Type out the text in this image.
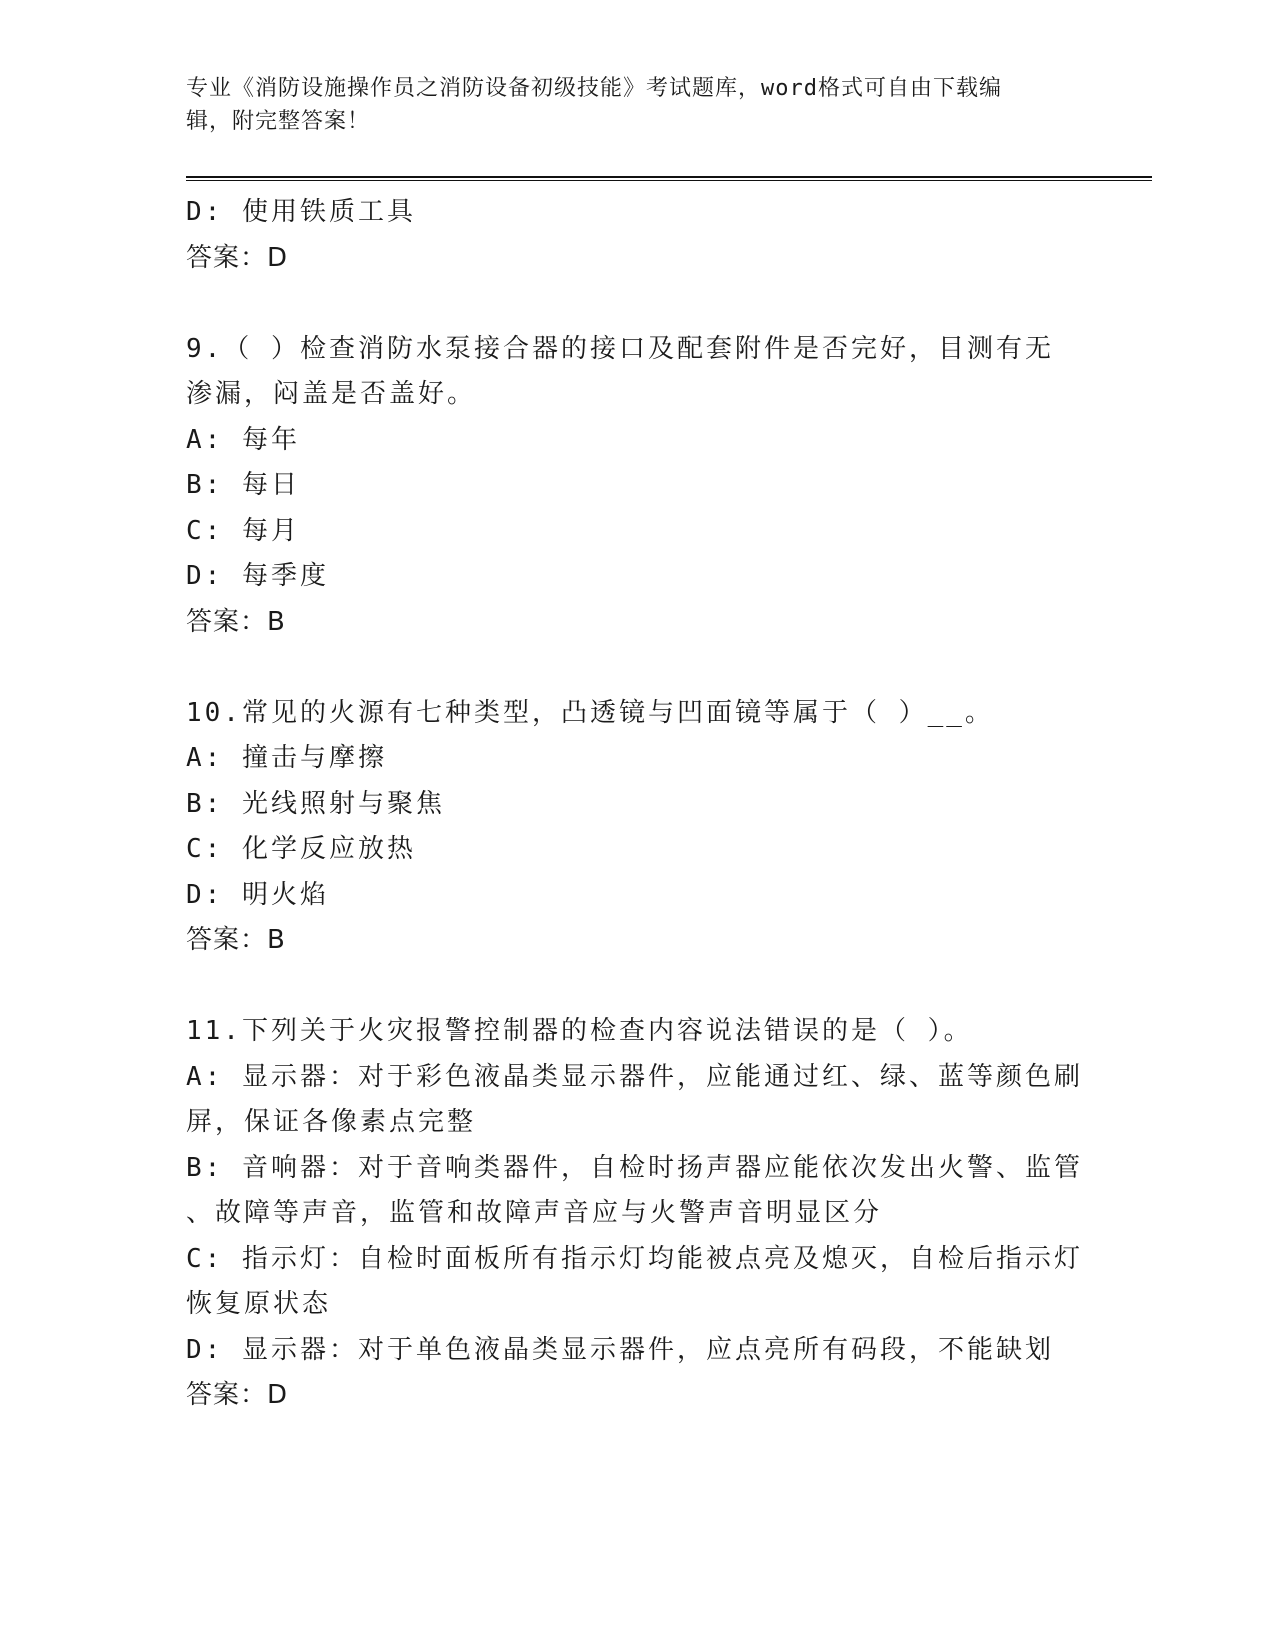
专业《消防设施操作员之消防设备初级技能》考试题库，word格式可自由下载编
辑，附完整答案！
D: 使用铁质工具
答案：D
9.（ ）检查消防水泵接合器的接口及配套附件是否完好，目测有无
渗漏，闷盖是否盖好。
A: 每年
B: 每日
C: 每月
D: 每季度
答案：B
10.常见的火源有七种类型，凸透镜与凹面镜等属于（ ）__。
A: 撞击与摩擦
B: 光线照射与聚焦
C: 化学反应放热
D: 明火焰
答案：B
11.下列关于火灾报警控制器的检查内容说法错误的是（ ）。
A: 显示器：对于彩色液晶类显示器件，应能通过红、绿、蓝等颜色刷
屏，保证各像素点完整
B: 音响器：对于音响类器件，自检时扬声器应能依次发出火警、监管
、故障等声音，监管和故障声音应与火警声音明显区分
C: 指示灯：自检时面板所有指示灯均能被点亮及熄灭，自检后指示灯
恢复原状态
D: 显示器：对于单色液晶类显示器件，应点亮所有码段，不能缺划
答案：D
